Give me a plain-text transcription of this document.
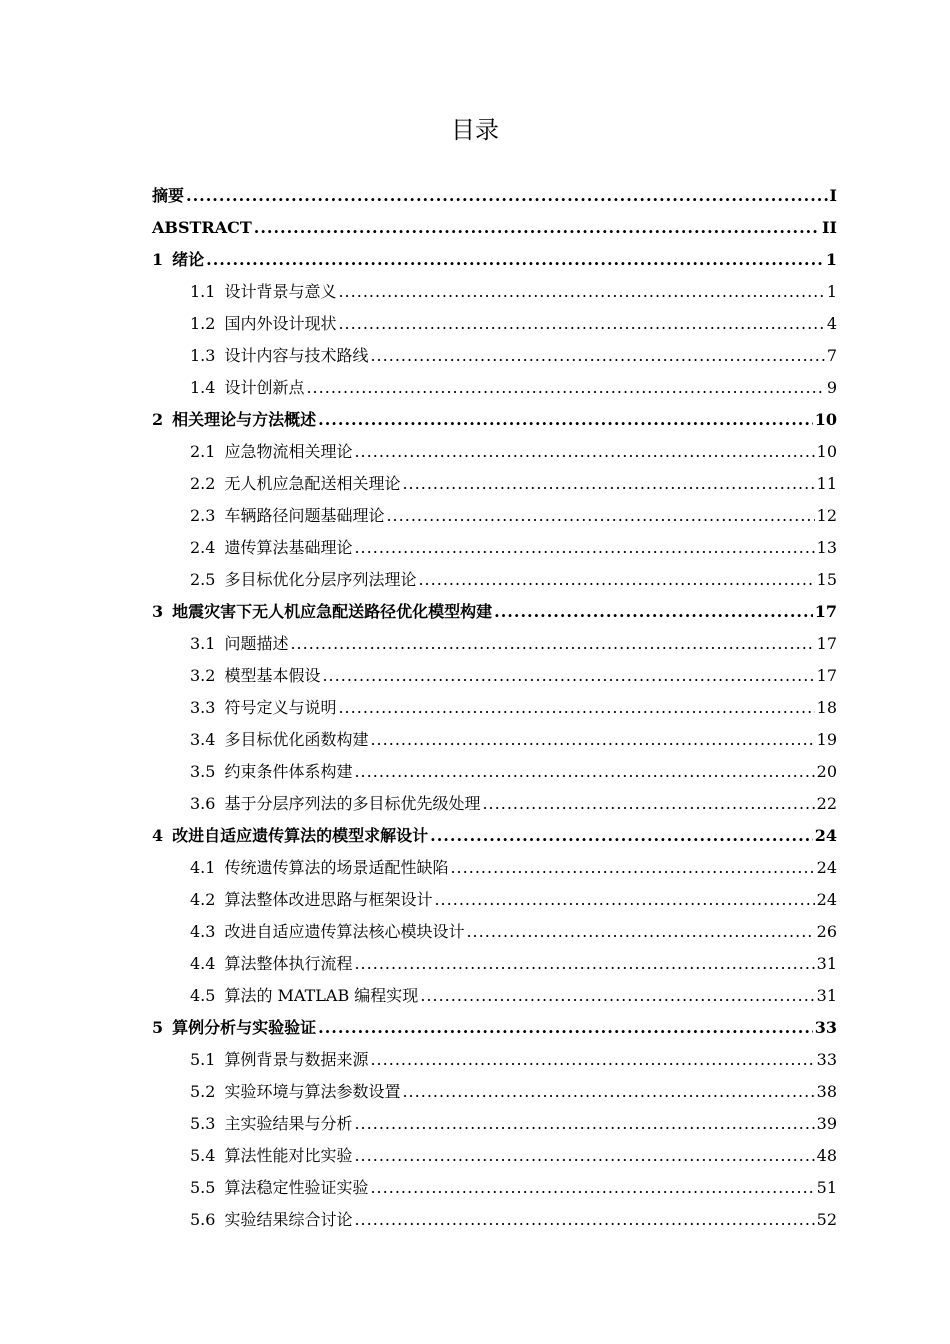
目录
摘要 .....	I
ABSTRACT .....	II
1 绪论 .....	1
1.1 设计背景与意义 .....	1
1.2 国内外设计现状 .....	4
1.3 设计内容与技术路线 .....	7
1.4 设计创新点 .....	9
2 相关理论与方法概述 .....	10
2.1 应急物流相关理论 .....	10
2.2 无人机应急配送相关理论 .....	11
2.3 车辆路径问题基础理论 .....	12
2.4 遗传算法基础理论 .....	13
2.5 多目标优化分层序列法理论 .....	15
3 地震灾害下无人机应急配送路径优化模型构建 .....	17
3.1 问题描述 .....	17
3.2 模型基本假设 .....	17
3.3 符号定义与说明 .....	18
3.4 多目标优化函数构建 .....	19
3.5 约束条件体系构建 .....	20
3.6 基于分层序列法的多目标优先级处理 .....	22
4 改进自适应遗传算法的模型求解设计 .....	24
4.1 传统遗传算法的场景适配性缺陷 .....	24
4.2 算法整体改进思路与框架设计 .....	24
4.3 改进自适应遗传算法核心模块设计 .....	26
4.4 算法整体执行流程 .....	31
4.5 算法的 MATLAB 编程实现 .....	31
5 算例分析与实验验证 .....	33
5.1 算例背景与数据来源 .....	33
5.2 实验环境与算法参数设置 .....	38
5.3 主实验结果与分析 .....	39
5.4 算法性能对比实验 .....	48
5.5 算法稳定性验证实验 .....	51
5.6 实验结果综合讨论 .....	52
